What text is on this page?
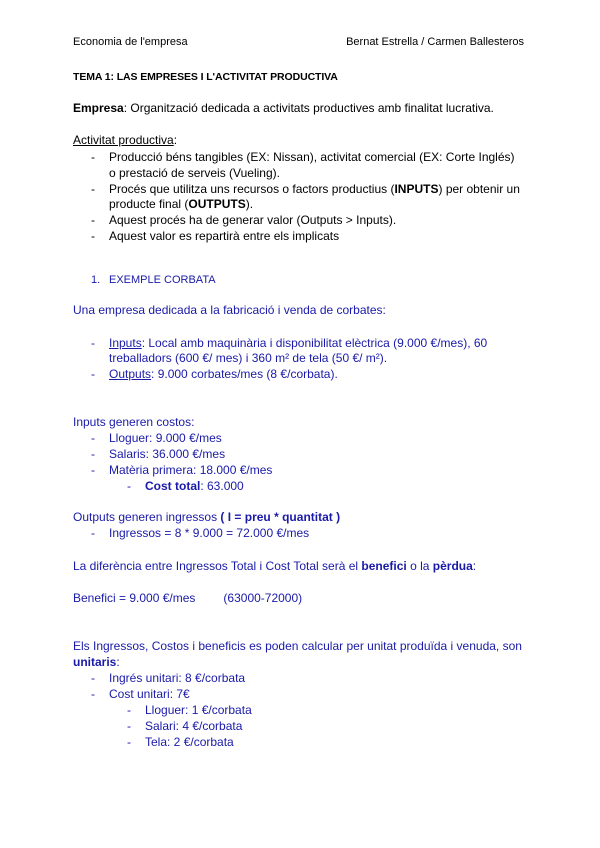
Economia de l'empresa	Bernat Estrella / Carmen Ballesteros
TEMA 1: LAS EMPRESES I L'ACTIVITAT PRODUCTIVA
Empresa: Organització dedicada a activitats productives amb finalitat lucrativa.
Activitat productiva:
- Producció béns tangibles (EX: Nissan), activitat comercial (EX: Corte Inglés)
o prestació de serveis (Vueling).
- Procés que utilitza uns recursos o factors productius (INPUTS) per obtenir un
producte final (OUTPUTS).
- Aquest procés ha de generar valor (Outputs > Inputs).
- Aquest valor es repartirà entre els implicats
1. EXEMPLE CORBATA
Una empresa dedicada a la fabricació i venda de corbates:
- Inputs: Local amb maquinària i disponibilitat elèctrica (9.000 €/mes), 60
treballadors (600 €/ mes) i 360 m² de tela (50 €/ m²).
- Outputs: 9.000 corbates/mes (8 €/corbata).
Inputs generen costos:
- Lloguer: 9.000 €/mes
- Salaris: 36.000 €/mes
- Matèria primera: 18.000 €/mes
- Cost total: 63.000
Outputs generen ingressos ( I = preu * quantitat )
- Ingressos = 8 * 9.000 = 72.000 €/mes
La diferència entre Ingressos Total i Cost Total serà el benefici o la pèrdua:
Benefici = 9.000 €/mes (63000-72000)
Els Ingressos, Costos i beneficis es poden calcular per unitat produïda i venuda, son
unitaris:
- Ingrés unitari: 8 €/corbata
- Cost unitari: 7€
- Lloguer: 1 €/corbata
- Salari: 4 €/corbata
- Tela: 2 €/corbata
